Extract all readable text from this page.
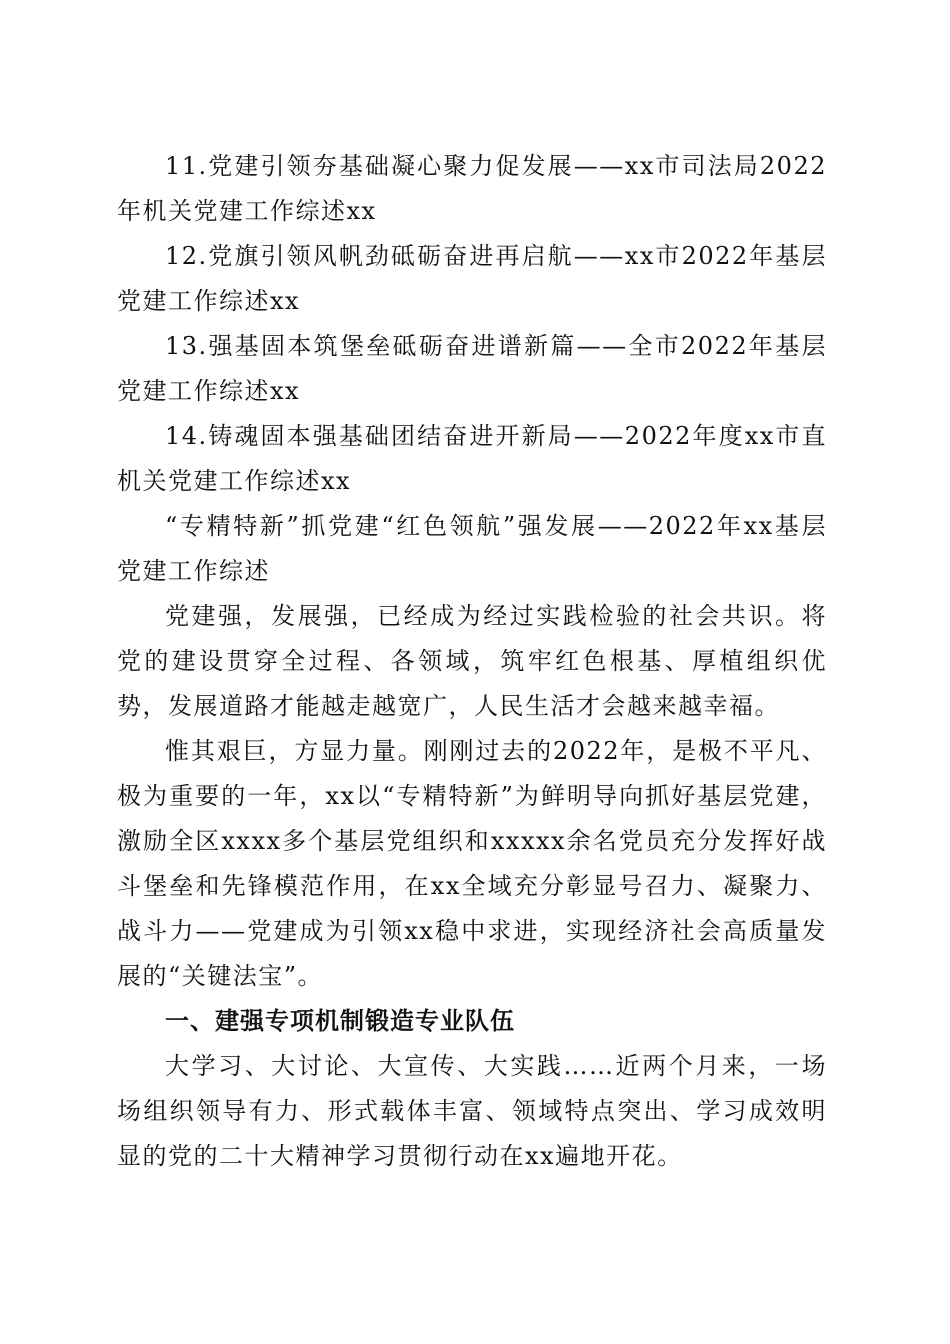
11.党建引领夯基础凝心聚力促发展——xx市司法局2022年机关党建工作综述xx

12.党旗引领风帆劲砥砺奋进再启航——xx市2022年基层党建工作综述xx

13.强基固本筑堡垒砥砺奋进谱新篇——全市2022年基层党建工作综述xx

14.铸魂固本强基础团结奋进开新局——2022年度xx市直机关党建工作综述xx

“专精特新”抓党建“红色领航”强发展——2022年xx基层党建工作综述

党建强，发展强，已经成为经过实践检验的社会共识。将党的建设贯穿全过程、各领域，筑牢红色根基、厚植组织优势，发展道路才能越走越宽广，人民生活才会越来越幸福。

惟其艰巨，方显力量。刚刚过去的2022年，是极不平凡、极为重要的一年，xx以“专精特新”为鲜明导向抓好基层党建，激励全区xxxx多个基层党组织和xxxxx余名党员充分发挥好战斗堡垒和先锋模范作用，在xx全域充分彰显号召力、凝聚力、战斗力——党建成为引领xx稳中求进，实现经济社会高质量发展的“关键法宝”。

一、建强专项机制锻造专业队伍

大学习、大讨论、大宣传、大实践……近两个月来，一场场组织领导有力、形式载体丰富、领域特点突出、学习成效明显的党的二十大精神学习贯彻行动在xx遍地开花。
